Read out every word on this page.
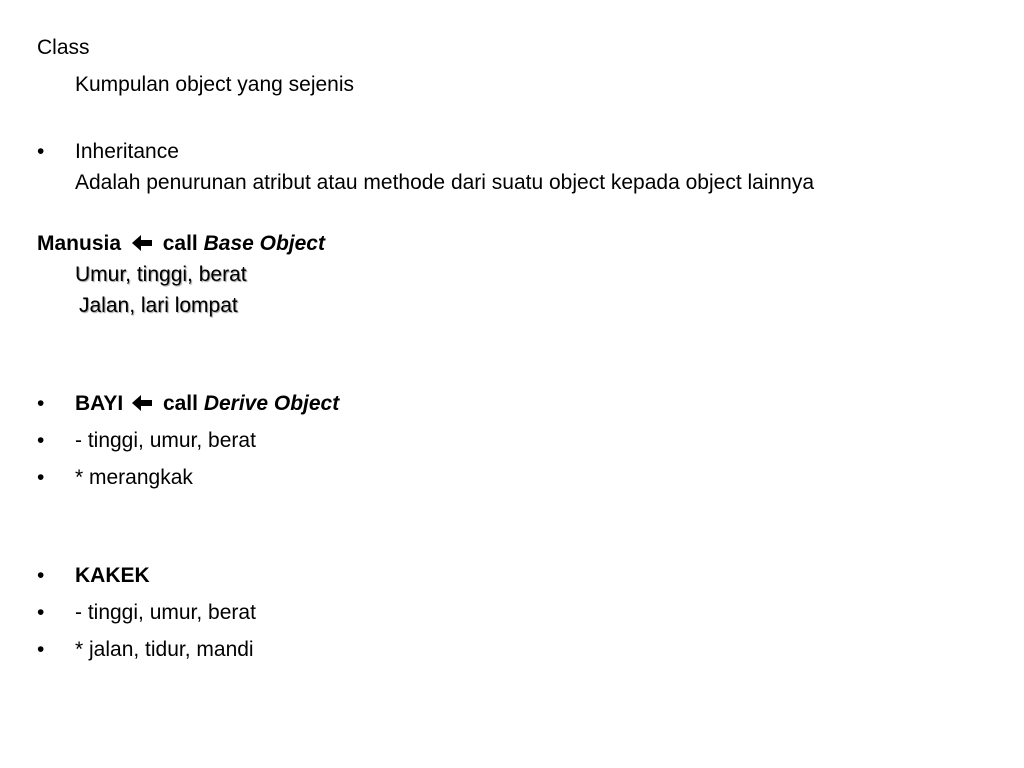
Class
Kumpulan object yang sejenis
• Inheritance
Adalah penurunan atribut atau methode dari suatu object kepada object lainnya
Manusia call Base Object
Umur, tinggi, berat
Jalan, lari lompat
• BAYI call Derive Object
• - tinggi, umur, berat
• * merangkak
• KAKEK
• - tinggi, umur, berat
• * jalan, tidur, mandi
